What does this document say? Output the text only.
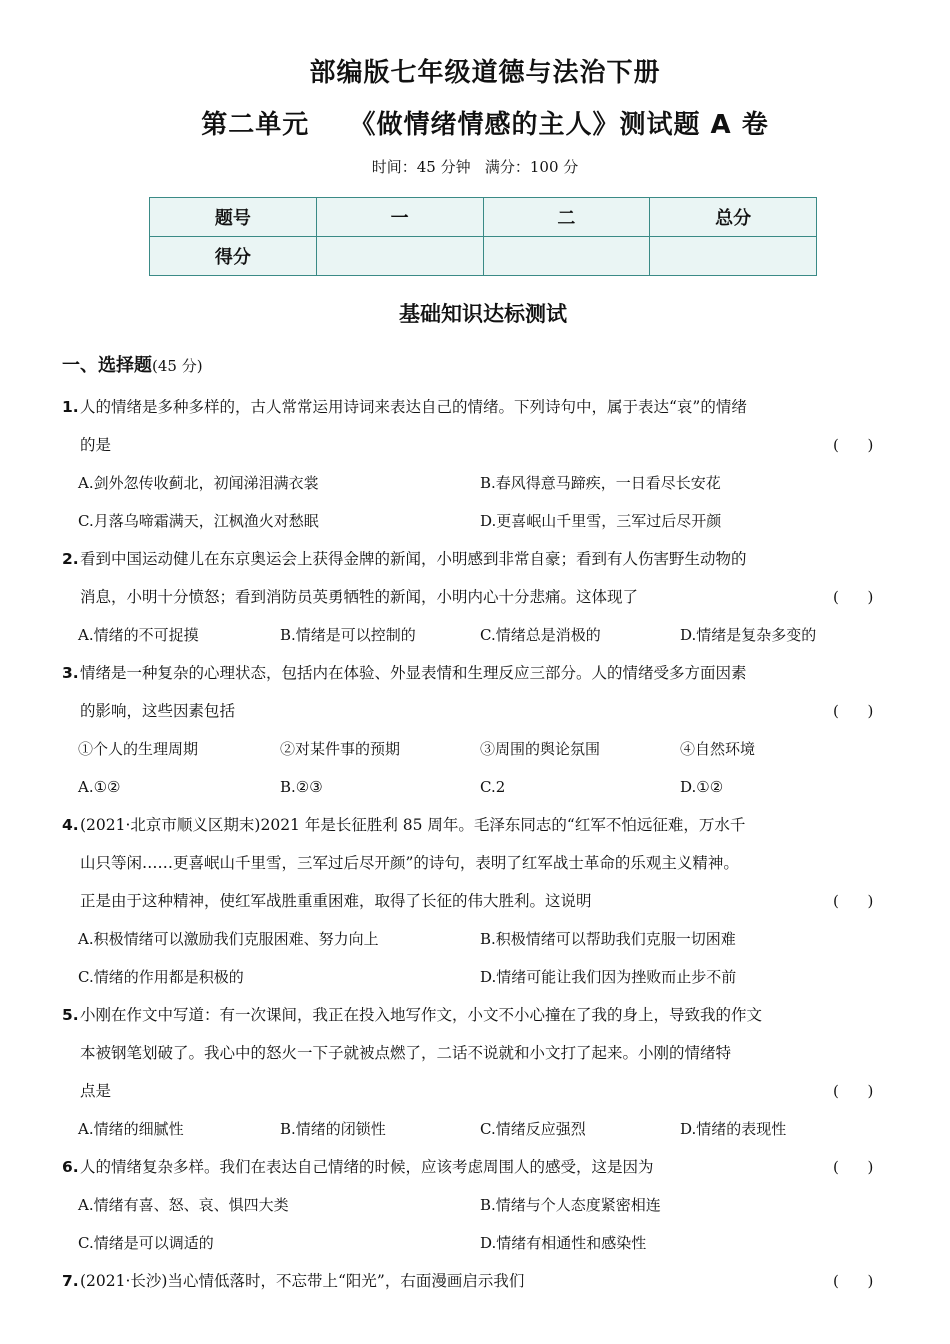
部编版七年级道德与法治下册
第二单元    《做情绪情感的主人》测试题 A 卷
时间：45 分钟   满分：100 分
题号	一	二	总分
得分			
基础知识达标测试
一、选择题(45 分)
1. 人的情绪是多种多样的，古人常常运用诗词来表达自己的情绪。下列诗句中，属于表达“哀”的情绪
的是	(      )
A.剑外忽传收蓟北，初闻涕泪满衣裳	B.春风得意马蹄疾，一日看尽长安花
C.月落乌啼霜满天，江枫渔火对愁眠	D.更喜岷山千里雪，三军过后尽开颜
2. 看到中国运动健儿在东京奥运会上获得金牌的新闻，小明感到非常自豪；看到有人伤害野生动物的
消息，小明十分愤怒；看到消防员英勇牺牲的新闻，小明内心十分悲痛。这体现了	(      )
A.情绪的不可捉摸	B.情绪是可以控制的	C.情绪总是消极的	D.情绪是复杂多变的
3. 情绪是一种复杂的心理状态，包括内在体验、外显表情和生理反应三部分。人的情绪受多方面因素
的影响，这些因素包括	(      )
①个人的生理周期	②对某件事的预期	③周围的舆论氛围	④自然环境
A.①②	B.②③	C.2	D.①②
4. (2021·北京市顺义区期末)2021 年是长征胜利 85 周年。毛泽东同志的“红军不怕远征难，万水千
山只等闲……更喜岷山千里雪，三军过后尽开颜”的诗句，表明了红军战士革命的乐观主义精神。
正是由于这种精神，使红军战胜重重困难，取得了长征的伟大胜利。这说明	(      )
A.积极情绪可以激励我们克服困难、努力向上	B.积极情绪可以帮助我们克服一切困难
C.情绪的作用都是积极的	D.情绪可能让我们因为挫败而止步不前
5. 小刚在作文中写道：有一次课间，我正在投入地写作文，小文不小心撞在了我的身上，导致我的作文
本被钢笔划破了。我心中的怒火一下子就被点燃了，二话不说就和小文打了起来。小刚的情绪特
点是	(      )
A.情绪的细腻性	B.情绪的闭锁性	C.情绪反应强烈	D.情绪的表现性
6. 人的情绪复杂多样。我们在表达自己情绪的时候，应该考虑周围人的感受，这是因为	(      )
A.情绪有喜、怒、哀、惧四大类	B.情绪与个人态度紧密相连
C.情绪是可以调适的	D.情绪有相通性和感染性
7. (2021·长沙)当心情低落时，不忘带上“阳光”，右面漫画启示我们	(      )
